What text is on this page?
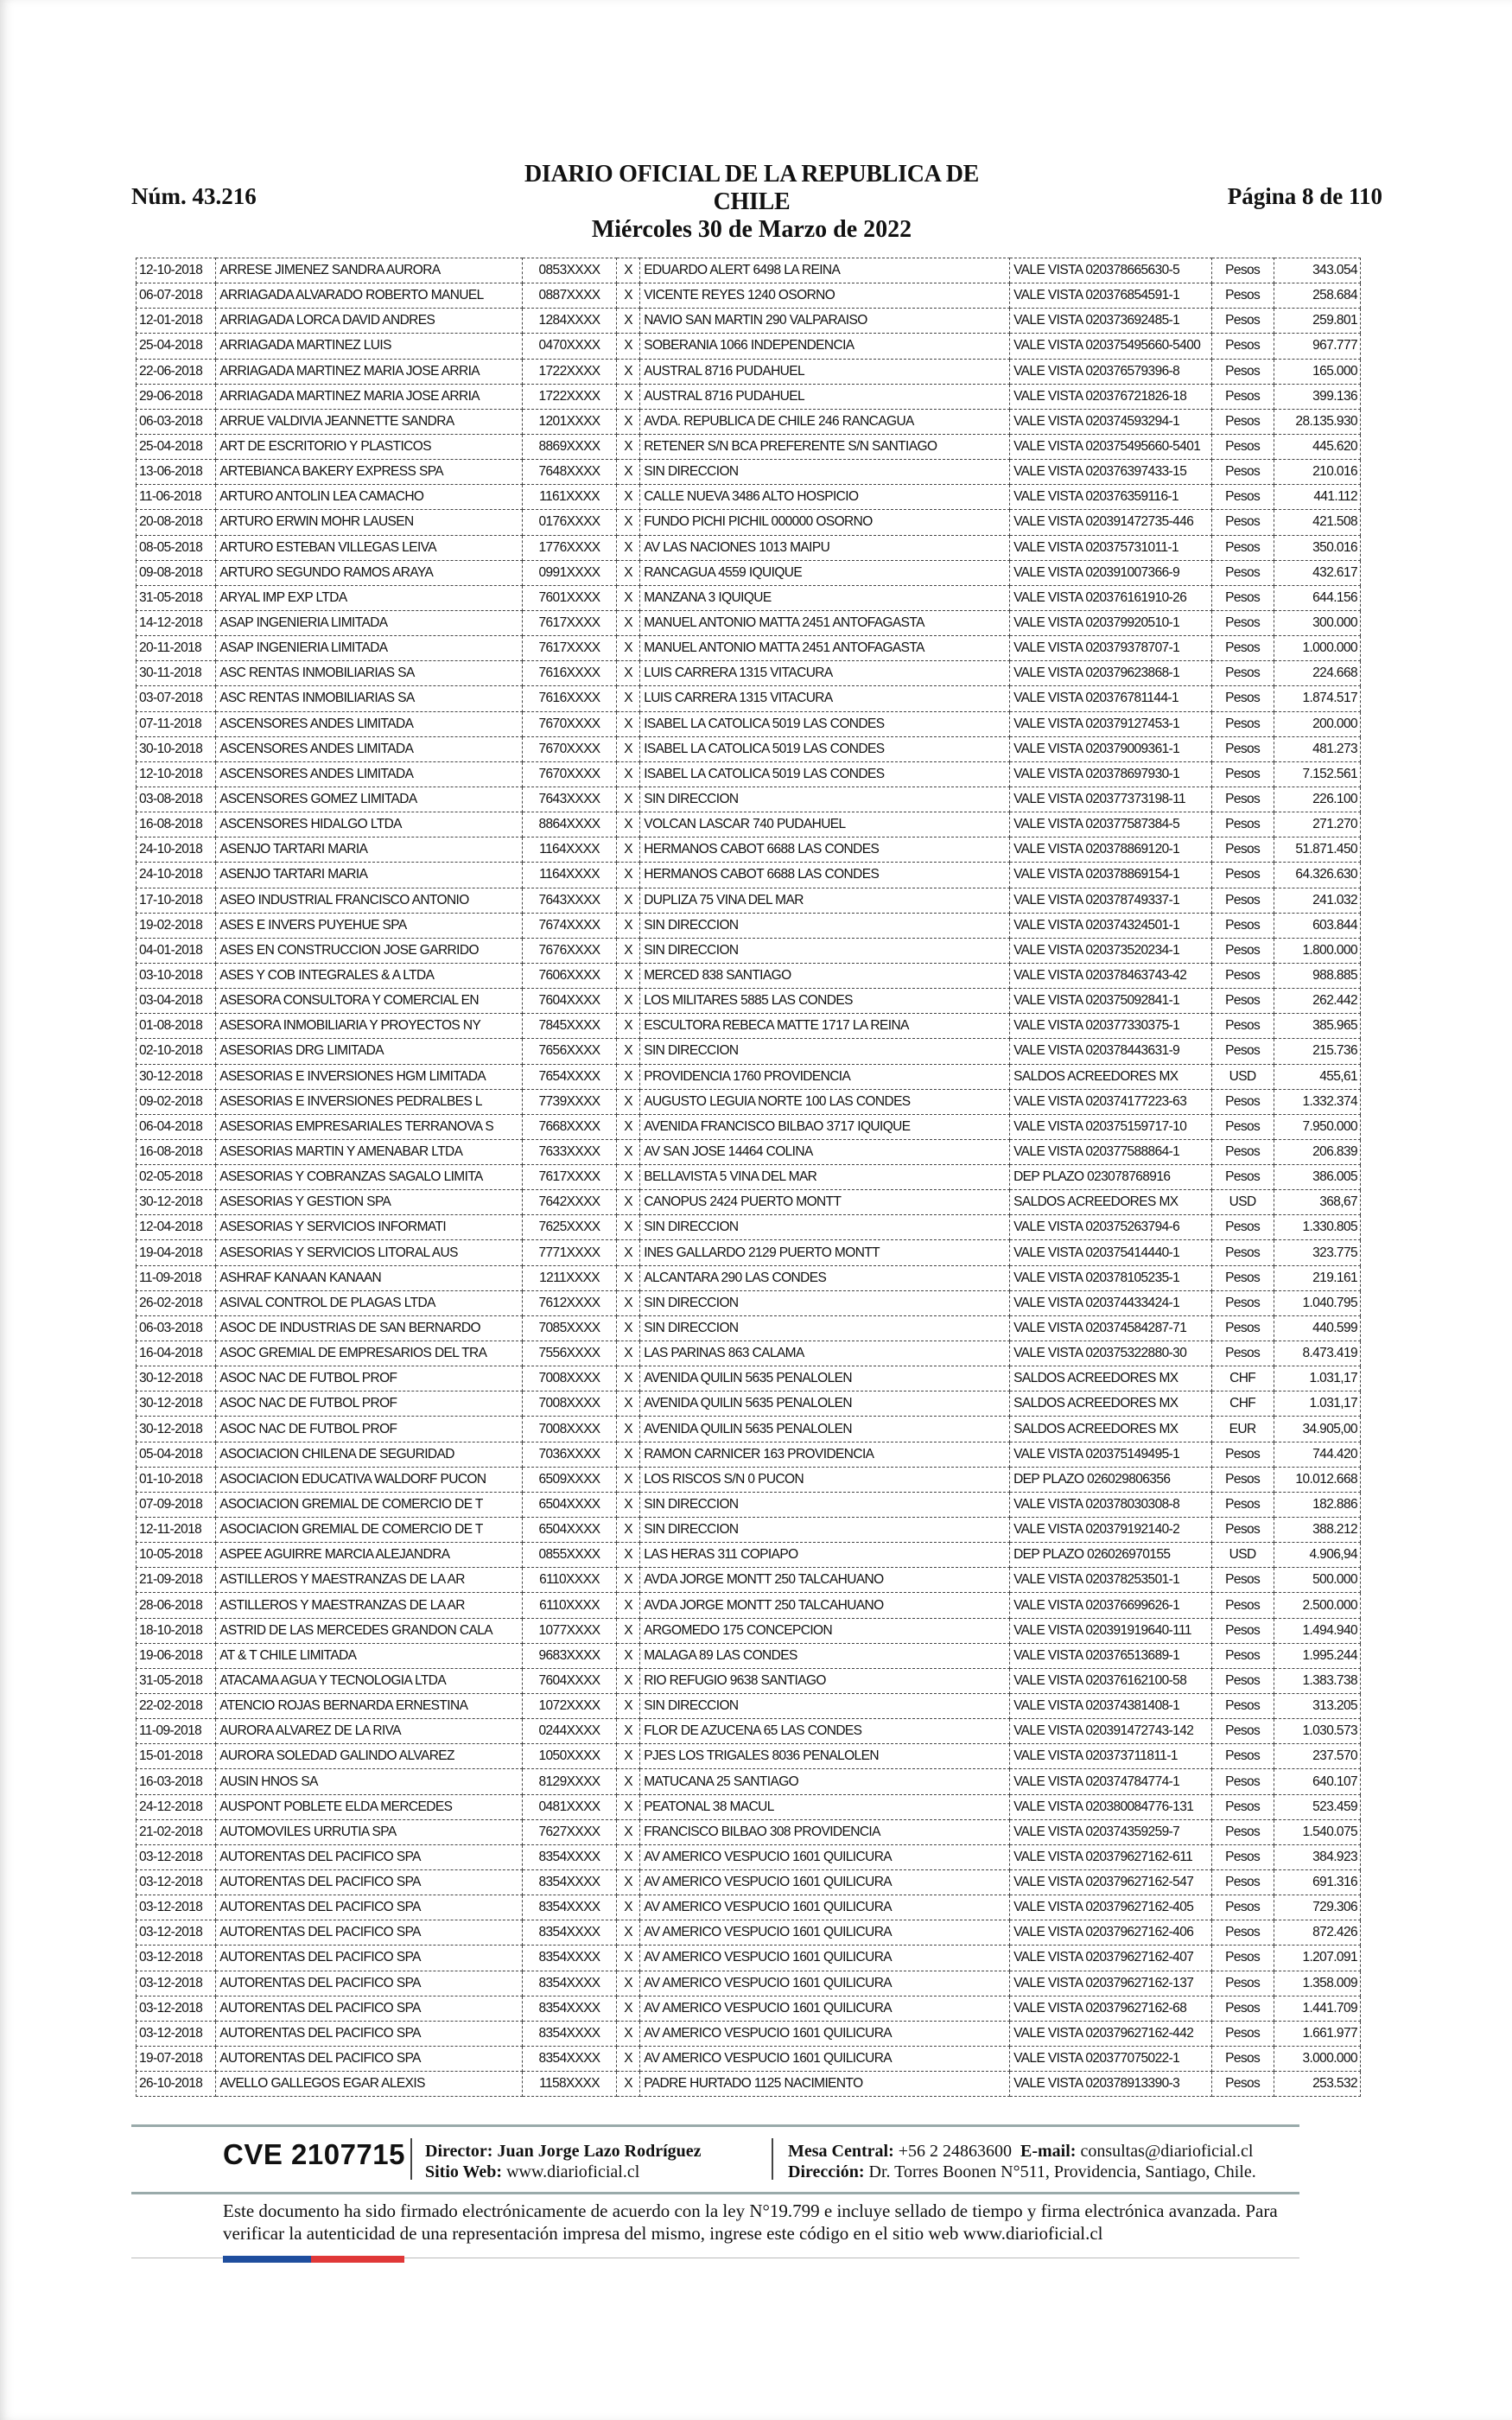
Núm. 43.216
DIARIO OFICIAL DE LA REPUBLICA DE CHILE
Miércoles 30 de Marzo de 2022
Página 8 de 110
12-10-2018	ARRESE JIMENEZ SANDRA AURORA	0853XXXX	X	EDUARDO ALERT 6498 LA REINA	VALE VISTA 020378665630-5	Pesos	343.054
06-07-2018	ARRIAGADA ALVARADO ROBERTO MANUEL	0887XXXX	X	VICENTE REYES 1240 OSORNO	VALE VISTA 020376854591-1	Pesos	258.684
12-01-2018	ARRIAGADA LORCA DAVID ANDRES	1284XXXX	X	NAVIO SAN MARTIN 290 VALPARAISO	VALE VISTA 020373692485-1	Pesos	259.801
25-04-2018	ARRIAGADA MARTINEZ LUIS	0470XXXX	X	SOBERANIA 1066 INDEPENDENCIA	VALE VISTA 020375495660-5400	Pesos	967.777
22-06-2018	ARRIAGADA MARTINEZ MARIA JOSE ARRIA	1722XXXX	X	AUSTRAL 8716 PUDAHUEL	VALE VISTA 020376579396-8	Pesos	165.000
29-06-2018	ARRIAGADA MARTINEZ MARIA JOSE ARRIA	1722XXXX	X	AUSTRAL 8716 PUDAHUEL	VALE VISTA 020376721826-18	Pesos	399.136
06-03-2018	ARRUE VALDIVIA JEANNETTE SANDRA	1201XXXX	X	AVDA. REPUBLICA DE CHILE 246 RANCAGUA	VALE VISTA 020374593294-1	Pesos	28.135.930
25-04-2018	ART DE ESCRITORIO Y PLASTICOS	8869XXXX	X	RETENER S/N BCA PREFERENTE S/N SANTIAGO	VALE VISTA 020375495660-5401	Pesos	445.620
13-06-2018	ARTEBIANCA BAKERY EXPRESS SPA	7648XXXX	X	SIN DIRECCION	VALE VISTA 020376397433-15	Pesos	210.016
11-06-2018	ARTURO ANTOLIN LEA CAMACHO	1161XXXX	X	CALLE NUEVA 3486 ALTO HOSPICIO	VALE VISTA 020376359116-1	Pesos	441.112
20-08-2018	ARTURO ERWIN MOHR LAUSEN	0176XXXX	X	FUNDO PICHI PICHIL 000000 OSORNO	VALE VISTA 020391472735-446	Pesos	421.508
08-05-2018	ARTURO ESTEBAN VILLEGAS LEIVA	1776XXXX	X	AV LAS NACIONES 1013 MAIPU	VALE VISTA 020375731011-1	Pesos	350.016
09-08-2018	ARTURO SEGUNDO RAMOS ARAYA	0991XXXX	X	RANCAGUA 4559 IQUIQUE	VALE VISTA 020391007366-9	Pesos	432.617
31-05-2018	ARYAL IMP EXP LTDA	7601XXXX	X	MANZANA 3 IQUIQUE	VALE VISTA 020376161910-26	Pesos	644.156
14-12-2018	ASAP INGENIERIA LIMITADA	7617XXXX	X	MANUEL ANTONIO MATTA 2451 ANTOFAGASTA	VALE VISTA 020379920510-1	Pesos	300.000
20-11-2018	ASAP INGENIERIA LIMITADA	7617XXXX	X	MANUEL ANTONIO MATTA 2451 ANTOFAGASTA	VALE VISTA 020379378707-1	Pesos	1.000.000
30-11-2018	ASC RENTAS INMOBILIARIAS SA	7616XXXX	X	LUIS CARRERA 1315 VITACURA	VALE VISTA 020379623868-1	Pesos	224.668
03-07-2018	ASC RENTAS INMOBILIARIAS SA	7616XXXX	X	LUIS CARRERA 1315 VITACURA	VALE VISTA 020376781144-1	Pesos	1.874.517
07-11-2018	ASCENSORES ANDES LIMITADA	7670XXXX	X	ISABEL LA CATOLICA 5019 LAS CONDES	VALE VISTA 020379127453-1	Pesos	200.000
30-10-2018	ASCENSORES ANDES LIMITADA	7670XXXX	X	ISABEL LA CATOLICA 5019 LAS CONDES	VALE VISTA 020379009361-1	Pesos	481.273
12-10-2018	ASCENSORES ANDES LIMITADA	7670XXXX	X	ISABEL LA CATOLICA 5019 LAS CONDES	VALE VISTA 020378697930-1	Pesos	7.152.561
03-08-2018	ASCENSORES GOMEZ LIMITADA	7643XXXX	X	SIN DIRECCION	VALE VISTA 020377373198-11	Pesos	226.100
16-08-2018	ASCENSORES HIDALGO LTDA	8864XXXX	X	VOLCAN LASCAR 740 PUDAHUEL	VALE VISTA 020377587384-5	Pesos	271.270
24-10-2018	ASENJO TARTARI MARIA	1164XXXX	X	HERMANOS CABOT 6688 LAS CONDES	VALE VISTA 020378869120-1	Pesos	51.871.450
24-10-2018	ASENJO TARTARI MARIA	1164XXXX	X	HERMANOS CABOT 6688 LAS CONDES	VALE VISTA 020378869154-1	Pesos	64.326.630
17-10-2018	ASEO INDUSTRIAL FRANCISCO ANTONIO	7643XXXX	X	DUPLIZA 75 VINA DEL MAR	VALE VISTA 020378749337-1	Pesos	241.032
19-02-2018	ASES E INVERS PUYEHUE SPA	7674XXXX	X	SIN DIRECCION	VALE VISTA 020374324501-1	Pesos	603.844
04-01-2018	ASES EN CONSTRUCCION JOSE GARRIDO	7676XXXX	X	SIN DIRECCION	VALE VISTA 020373520234-1	Pesos	1.800.000
03-10-2018	ASES Y COB INTEGRALES & A LTDA	7606XXXX	X	MERCED 838 SANTIAGO	VALE VISTA 020378463743-42	Pesos	988.885
03-04-2018	ASESORA CONSULTORA Y COMERCIAL EN	7604XXXX	X	LOS MILITARES 5885 LAS CONDES	VALE VISTA 020375092841-1	Pesos	262.442
01-08-2018	ASESORA INMOBILIARIA Y PROYECTOS NY	7845XXXX	X	ESCULTORA REBECA MATTE 1717 LA REINA	VALE VISTA 020377330375-1	Pesos	385.965
02-10-2018	ASESORIAS DRG LIMITADA	7656XXXX	X	SIN DIRECCION	VALE VISTA 020378443631-9	Pesos	215.736
30-12-2018	ASESORIAS E INVERSIONES HGM LIMITADA	7654XXXX	X	PROVIDENCIA 1760 PROVIDENCIA	SALDOS ACREEDORES MX	USD	455,61
09-02-2018	ASESORIAS E INVERSIONES PEDRALBES L	7739XXXX	X	AUGUSTO LEGUIA NORTE 100 LAS CONDES	VALE VISTA 020374177223-63	Pesos	1.332.374
06-04-2018	ASESORIAS EMPRESARIALES TERRANOVA S	7668XXXX	X	AVENIDA FRANCISCO BILBAO 3717 IQUIQUE	VALE VISTA 020375159717-10	Pesos	7.950.000
16-08-2018	ASESORIAS MARTIN Y AMENABAR LTDA	7633XXXX	X	AV SAN JOSE 14464 COLINA	VALE VISTA 020377588864-1	Pesos	206.839
02-05-2018	ASESORIAS Y COBRANZAS SAGALO LIMITA	7617XXXX	X	BELLAVISTA 5 VINA DEL MAR	DEP PLAZO 023078768916	Pesos	386.005
30-12-2018	ASESORIAS Y GESTION SPA	7642XXXX	X	CANOPUS 2424 PUERTO MONTT	SALDOS ACREEDORES MX	USD	368,67
12-04-2018	ASESORIAS Y SERVICIOS INFORMATI	7625XXXX	X	SIN DIRECCION	VALE VISTA 020375263794-6	Pesos	1.330.805
19-04-2018	ASESORIAS Y SERVICIOS LITORAL AUS	7771XXXX	X	INES GALLARDO 2129 PUERTO MONTT	VALE VISTA 020375414440-1	Pesos	323.775
11-09-2018	ASHRAF KANAAN KANAAN	1211XXXX	X	ALCANTARA 290 LAS CONDES	VALE VISTA 020378105235-1	Pesos	219.161
26-02-2018	ASIVAL CONTROL DE PLAGAS LTDA	7612XXXX	X	SIN DIRECCION	VALE VISTA 020374433424-1	Pesos	1.040.795
06-03-2018	ASOC DE INDUSTRIAS DE SAN BERNARDO	7085XXXX	X	SIN DIRECCION	VALE VISTA 020374584287-71	Pesos	440.599
16-04-2018	ASOC GREMIAL DE EMPRESARIOS DEL TRA	7556XXXX	X	LAS PARINAS 863 CALAMA	VALE VISTA 020375322880-30	Pesos	8.473.419
30-12-2018	ASOC NAC DE FUTBOL PROF	7008XXXX	X	AVENIDA QUILIN 5635 PENALOLEN	SALDOS ACREEDORES MX	CHF	1.031,17
30-12-2018	ASOC NAC DE FUTBOL PROF	7008XXXX	X	AVENIDA QUILIN 5635 PENALOLEN	SALDOS ACREEDORES MX	CHF	1.031,17
30-12-2018	ASOC NAC DE FUTBOL PROF	7008XXXX	X	AVENIDA QUILIN 5635 PENALOLEN	SALDOS ACREEDORES MX	EUR	34.905,00
05-04-2018	ASOCIACION CHILENA DE SEGURIDAD	7036XXXX	X	RAMON CARNICER 163 PROVIDENCIA	VALE VISTA 020375149495-1	Pesos	744.420
01-10-2018	ASOCIACION EDUCATIVA WALDORF PUCON	6509XXXX	X	LOS RISCOS S/N 0 PUCON	DEP PLAZO 026029806356	Pesos	10.012.668
07-09-2018	ASOCIACION GREMIAL DE COMERCIO DE T	6504XXXX	X	SIN DIRECCION	VALE VISTA 020378030308-8	Pesos	182.886
12-11-2018	ASOCIACION GREMIAL DE COMERCIO DE T	6504XXXX	X	SIN DIRECCION	VALE VISTA 020379192140-2	Pesos	388.212
10-05-2018	ASPEE AGUIRRE MARCIA ALEJANDRA	0855XXXX	X	LAS HERAS 311 COPIAPO	DEP PLAZO 026026970155	USD	4.906,94
21-09-2018	ASTILLEROS Y MAESTRANZAS DE LA AR	6110XXXX	X	AVDA JORGE MONTT 250 TALCAHUANO	VALE VISTA 020378253501-1	Pesos	500.000
28-06-2018	ASTILLEROS Y MAESTRANZAS DE LA AR	6110XXXX	X	AVDA JORGE MONTT 250 TALCAHUANO	VALE VISTA 020376699626-1	Pesos	2.500.000
18-10-2018	ASTRID DE LAS MERCEDES GRANDON CALA	1077XXXX	X	ARGOMEDO 175 CONCEPCION	VALE VISTA 020391919640-111	Pesos	1.494.940
19-06-2018	AT & T CHILE LIMITADA	9683XXXX	X	MALAGA 89 LAS CONDES	VALE VISTA 020376513689-1	Pesos	1.995.244
31-05-2018	ATACAMA AGUA Y TECNOLOGIA LTDA	7604XXXX	X	RIO REFUGIO 9638 SANTIAGO	VALE VISTA 020376162100-58	Pesos	1.383.738
22-02-2018	ATENCIO ROJAS BERNARDA ERNESTINA	1072XXXX	X	SIN DIRECCION	VALE VISTA 020374381408-1	Pesos	313.205
11-09-2018	AURORA ALVAREZ DE LA RIVA	0244XXXX	X	FLOR DE AZUCENA 65 LAS CONDES	VALE VISTA 020391472743-142	Pesos	1.030.573
15-01-2018	AURORA SOLEDAD GALINDO ALVAREZ	1050XXXX	X	PJES LOS TRIGALES 8036 PENALOLEN	VALE VISTA 020373711811-1	Pesos	237.570
16-03-2018	AUSIN HNOS SA	8129XXXX	X	MATUCANA 25 SANTIAGO	VALE VISTA 020374784774-1	Pesos	640.107
24-12-2018	AUSPONT POBLETE ELDA MERCEDES	0481XXXX	X	PEATONAL 38 MACUL	VALE VISTA 020380084776-131	Pesos	523.459
21-02-2018	AUTOMOVILES URRUTIA SPA	7627XXXX	X	FRANCISCO BILBAO 308 PROVIDENCIA	VALE VISTA 020374359259-7	Pesos	1.540.075
03-12-2018	AUTORENTAS DEL PACIFICO SPA	8354XXXX	X	AV AMERICO VESPUCIO 1601 QUILICURA	VALE VISTA 020379627162-611	Pesos	384.923
03-12-2018	AUTORENTAS DEL PACIFICO SPA	8354XXXX	X	AV AMERICO VESPUCIO 1601 QUILICURA	VALE VISTA 020379627162-547	Pesos	691.316
03-12-2018	AUTORENTAS DEL PACIFICO SPA	8354XXXX	X	AV AMERICO VESPUCIO 1601 QUILICURA	VALE VISTA 020379627162-405	Pesos	729.306
03-12-2018	AUTORENTAS DEL PACIFICO SPA	8354XXXX	X	AV AMERICO VESPUCIO 1601 QUILICURA	VALE VISTA 020379627162-406	Pesos	872.426
03-12-2018	AUTORENTAS DEL PACIFICO SPA	8354XXXX	X	AV AMERICO VESPUCIO 1601 QUILICURA	VALE VISTA 020379627162-407	Pesos	1.207.091
03-12-2018	AUTORENTAS DEL PACIFICO SPA	8354XXXX	X	AV AMERICO VESPUCIO 1601 QUILICURA	VALE VISTA 020379627162-137	Pesos	1.358.009
03-12-2018	AUTORENTAS DEL PACIFICO SPA	8354XXXX	X	AV AMERICO VESPUCIO 1601 QUILICURA	VALE VISTA 020379627162-68	Pesos	1.441.709
03-12-2018	AUTORENTAS DEL PACIFICO SPA	8354XXXX	X	AV AMERICO VESPUCIO 1601 QUILICURA	VALE VISTA 020379627162-442	Pesos	1.661.977
19-07-2018	AUTORENTAS DEL PACIFICO SPA	8354XXXX	X	AV AMERICO VESPUCIO 1601 QUILICURA	VALE VISTA 020377075022-1	Pesos	3.000.000
26-10-2018	AVELLO GALLEGOS EGAR ALEXIS	1158XXXX	X	PADRE HURTADO 1125 NACIMIENTO	VALE VISTA 020378913390-3	Pesos	253.532
CVE 2107715 Director: Juan Jorge Lazo Rodríguez
Sitio Web: www.diarioficial.cl
Mesa Central: +56 2 24863600 E-mail: consultas@diarioficial.cl
Dirección: Dr. Torres Boonen N°511, Providencia, Santiago, Chile.
Este documento ha sido firmado electrónicamente de acuerdo con la ley N°19.799 e incluye sellado de tiempo y firma electrónica avanzada. Para verificar la autenticidad de una representación impresa del mismo, ingrese este código en el sitio web www.diarioficial.cl
